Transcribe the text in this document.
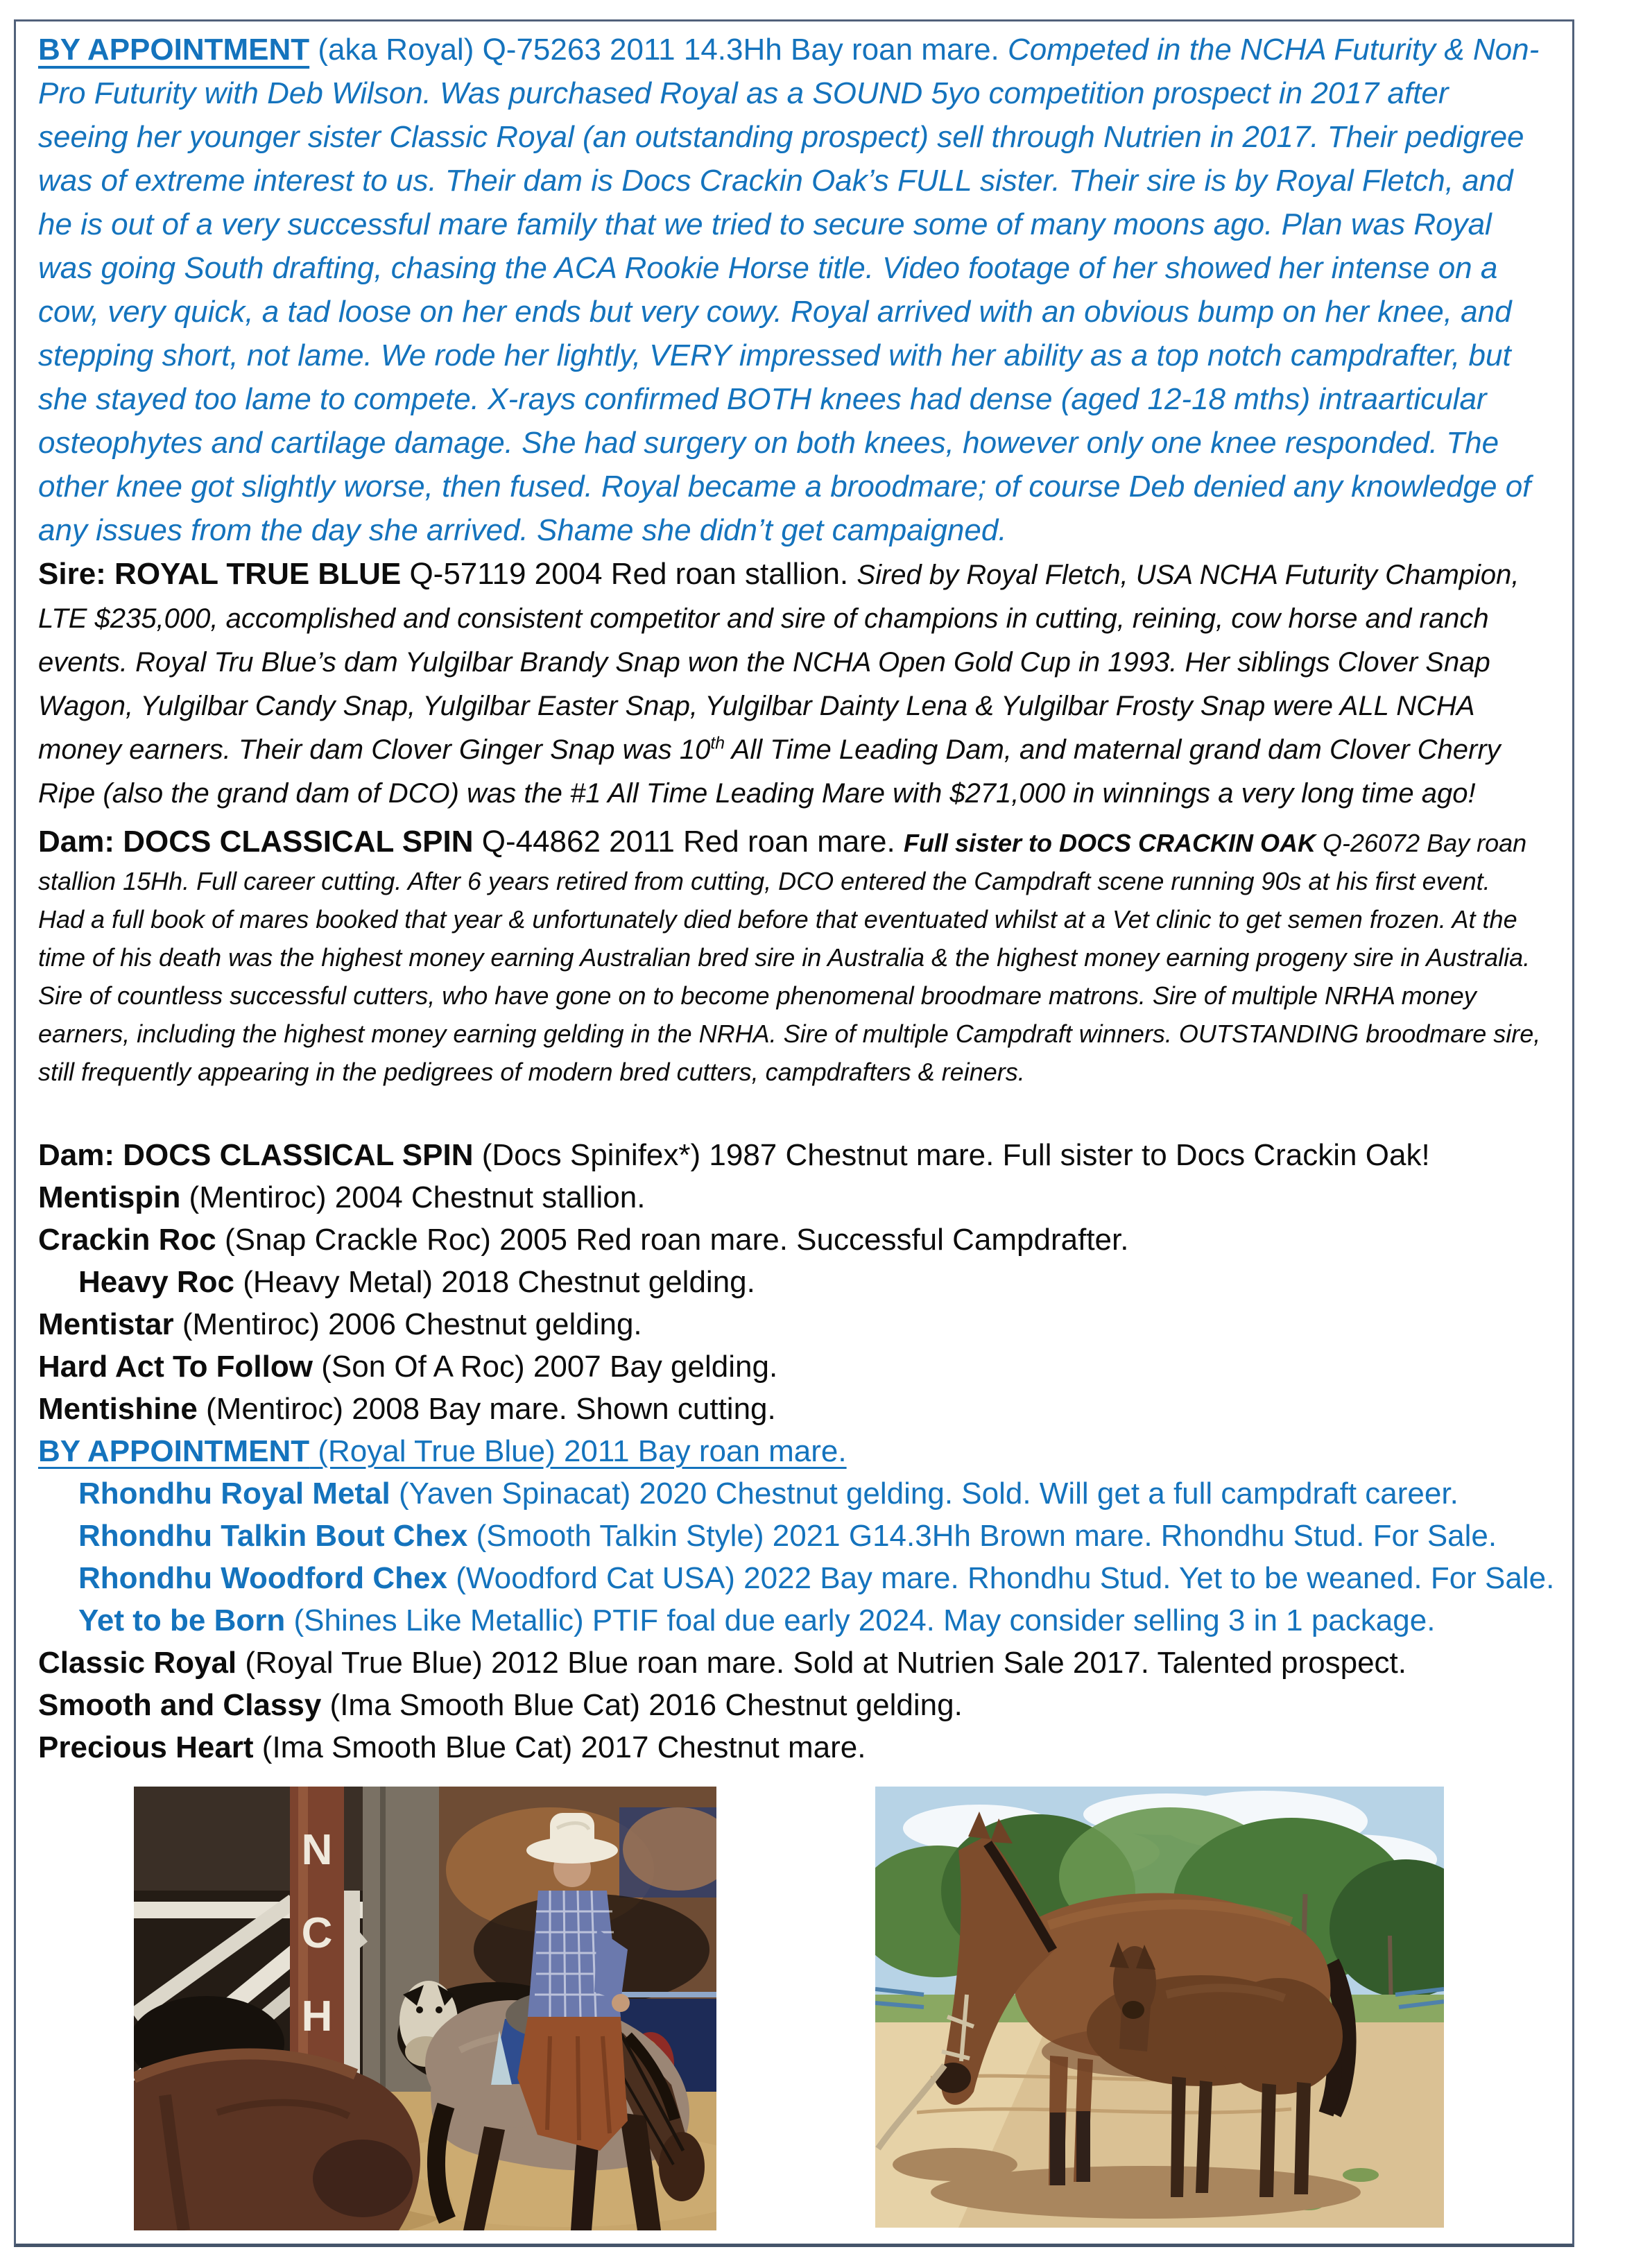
BY APPOINTMENT (aka Royal) Q-75263 2011 14.3Hh Bay roan mare. Competed in the NCHA Futurity & Non-Pro Futurity with Deb Wilson. Was purchased Royal as a SOUND 5yo competition prospect in 2017 after seeing her younger sister Classic Royal (an outstanding prospect) sell through Nutrien in 2017. Their pedigree was of extreme interest to us. Their dam is Docs Crackin Oak’s FULL sister. Their sire is by Royal Fletch, and he is out of a very successful mare family that we tried to secure some of many moons ago. Plan was Royal was going South drafting, chasing the ACA Rookie Horse title. Video footage of her showed her intense on a cow, very quick, a tad loose on her ends but very cowy. Royal arrived with an obvious bump on her knee, and stepping short, not lame. We rode her lightly, VERY impressed with her ability as a top notch campdrafter, but she stayed too lame to compete. X-rays confirmed BOTH knees had dense (aged 12-18 mths) intraarticular osteophytes and cartilage damage. She had surgery on both knees, however only one knee responded. The other knee got slightly worse, then fused. Royal became a broodmare; of course Deb denied any knowledge of any issues from the day she arrived. Shame she didn’t get campaigned.

Sire: ROYAL TRUE BLUE Q-57119 2004 Red roan stallion. Sired by Royal Fletch, USA NCHA Futurity Champion, LTE $235,000, accomplished and consistent competitor and sire of champions in cutting, reining, cow horse and ranch events. Royal Tru Blue’s dam Yulgilbar Brandy Snap won the NCHA Open Gold Cup in 1993. Her siblings Clover Snap Wagon, Yulgilbar Candy Snap, Yulgilbar Easter Snap, Yulgilbar Dainty Lena & Yulgilbar Frosty Snap were ALL NCHA money earners. Their dam Clover Ginger Snap was 10th All Time Leading Dam, and maternal grand dam Clover Cherry Ripe (also the grand dam of DCO) was the #1 All Time Leading Mare with $271,000 in winnings a very long time ago!

Dam: DOCS CLASSICAL SPIN Q-44862 2011 Red roan mare. Full sister to DOCS CRACKIN OAK Q-26072 Bay roan stallion 15Hh. Full career cutting. After 6 years retired from cutting, DCO entered the Campdraft scene running 90s at his first event. Had a full book of mares booked that year & unfortunately died before that eventuated whilst at a Vet clinic to get semen frozen. At the time of his death was the highest money earning Australian bred sire in Australia & the highest money earning progeny sire in Australia. Sire of countless successful cutters, who have gone on to become phenomenal broodmare matrons. Sire of multiple NRHA money earners, including the highest money earning gelding in the NRHA. Sire of multiple Campdraft winners. OUTSTANDING broodmare sire, still frequently appearing in the pedigrees of modern bred cutters, campdrafters & reiners.

Dam: DOCS CLASSICAL SPIN (Docs Spinifex*) 1987 Chestnut mare. Full sister to Docs Crackin Oak!
Mentispin (Mentiroc) 2004 Chestnut stallion.
Crackin Roc (Snap Crackle Roc) 2005 Red roan mare. Successful Campdrafter.
Heavy Roc (Heavy Metal) 2018 Chestnut gelding.
Mentistar (Mentiroc) 2006 Chestnut gelding.
Hard Act To Follow (Son Of A Roc) 2007 Bay gelding.
Mentishine (Mentiroc) 2008 Bay mare. Shown cutting.
BY APPOINTMENT (Royal True Blue) 2011 Bay roan mare.
Rhondhu Royal Metal (Yaven Spinacat) 2020 Chestnut gelding. Sold. Will get a full campdraft career.
Rhondhu Talkin Bout Chex (Smooth Talkin Style) 2021 G14.3Hh Brown mare. Rhondhu Stud. For Sale.
Rhondhu Woodford Chex (Woodford Cat USA) 2022 Bay mare. Rhondhu Stud. Yet to be weaned. For Sale.
Yet to be Born (Shines Like Metallic) PTIF foal due early 2024. May consider selling 3 in 1 package.
Classic Royal (Royal True Blue) 2012 Blue roan mare. Sold at Nutrien Sale 2017. Talented prospect.
Smooth and Classy (Ima Smooth Blue Cat) 2016 Chestnut gelding.
Precious Heart (Ima Smooth Blue Cat) 2017 Chestnut mare.
N
C
H
